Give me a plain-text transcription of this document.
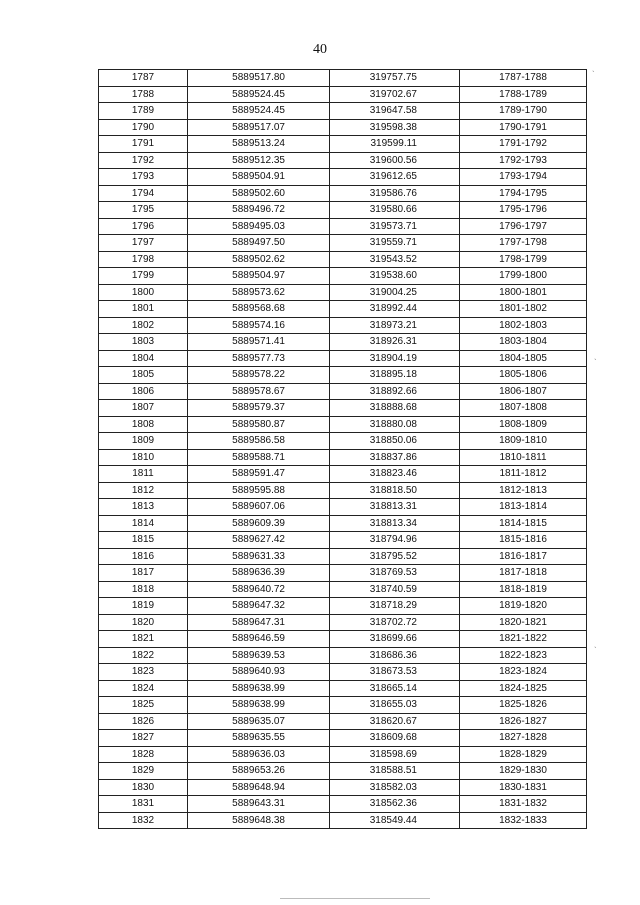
40
1787	5889517.80	319757.75	1787-1788
1788	5889524.45	319702.67	1788-1789
1789	5889524.45	319647.58	1789-1790
1790	5889517.07	319598.38	1790-1791
1791	5889513.24	319599.11	1791-1792
1792	5889512.35	319600.56	1792-1793
1793	5889504.91	319612.65	1793-1794
1794	5889502.60	319586.76	1794-1795
1795	5889496.72	319580.66	1795-1796
1796	5889495.03	319573.71	1796-1797
1797	5889497.50	319559.71	1797-1798
1798	5889502.62	319543.52	1798-1799
1799	5889504.97	319538.60	1799-1800
1800	5889573.62	319004.25	1800-1801
1801	5889568.68	318992.44	1801-1802
1802	5889574.16	318973.21	1802-1803
1803	5889571.41	318926.31	1803-1804
1804	5889577.73	318904.19	1804-1805
1805	5889578.22	318895.18	1805-1806
1806	5889578.67	318892.66	1806-1807
1807	5889579.37	318888.68	1807-1808
1808	5889580.87	318880.08	1808-1809
1809	5889586.58	318850.06	1809-1810
1810	5889588.71	318837.86	1810-1811
1811	5889591.47	318823.46	1811-1812
1812	5889595.88	318818.50	1812-1813
1813	5889607.06	318813.31	1813-1814
1814	5889609.39	318813.34	1814-1815
1815	5889627.42	318794.96	1815-1816
1816	5889631.33	318795.52	1816-1817
1817	5889636.39	318769.53	1817-1818
1818	5889640.72	318740.59	1818-1819
1819	5889647.32	318718.29	1819-1820
1820	5889647.31	318702.72	1820-1821
1821	5889646.59	318699.66	1821-1822
1822	5889639.53	318686.36	1822-1823
1823	5889640.93	318673.53	1823-1824
1824	5889638.99	318665.14	1824-1825
1825	5889638.99	318655.03	1825-1826
1826	5889635.07	318620.67	1826-1827
1827	5889635.55	318609.68	1827-1828
1828	5889636.03	318598.69	1828-1829
1829	5889653.26	318588.51	1829-1830
1830	5889648.94	318582.03	1830-1831
1831	5889643.31	318562.36	1831-1832
1832	5889648.38	318549.44	1832-1833
`
`
`
